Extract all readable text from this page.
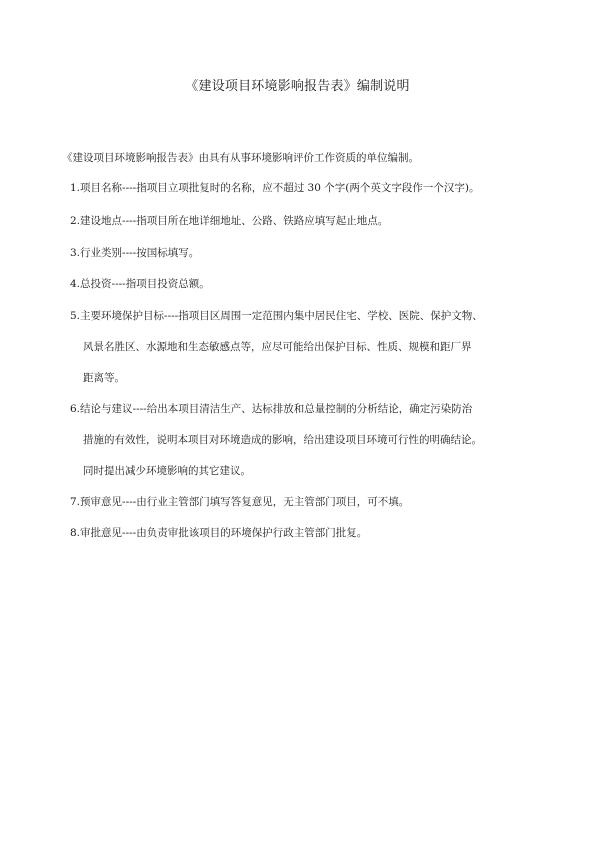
《建设项目环境影响报告表》编制说明
《建设项目环境影响报告表》由具有从事环境影响评价工作资质的单位编制。
1.项目名称----指项目立项批复时的名称，应不超过 30 个字(两个英文字段作一个汉字)。
2.建设地点----指项目所在地详细地址、公路、铁路应填写起止地点。
3.行业类别----按国标填写。
4.总投资----指项目投资总额。
5.主要环境保护目标----指项目区周围一定范围内集中居民住宅、学校、医院、保护文物、
风景名胜区、水源地和生态敏感点等，应尽可能给出保护目标、性质、规模和距厂界
距离等。
6.结论与建议----给出本项目清洁生产、达标排放和总量控制的分析结论，确定污染防治
措施的有效性，说明本项目对环境造成的影响，给出建设项目环境可行性的明确结论。
同时提出减少环境影响的其它建议。
7.预审意见----由行业主管部门填写答复意见，无主管部门项目，可不填。
8.审批意见----由负责审批该项目的环境保护行政主管部门批复。
